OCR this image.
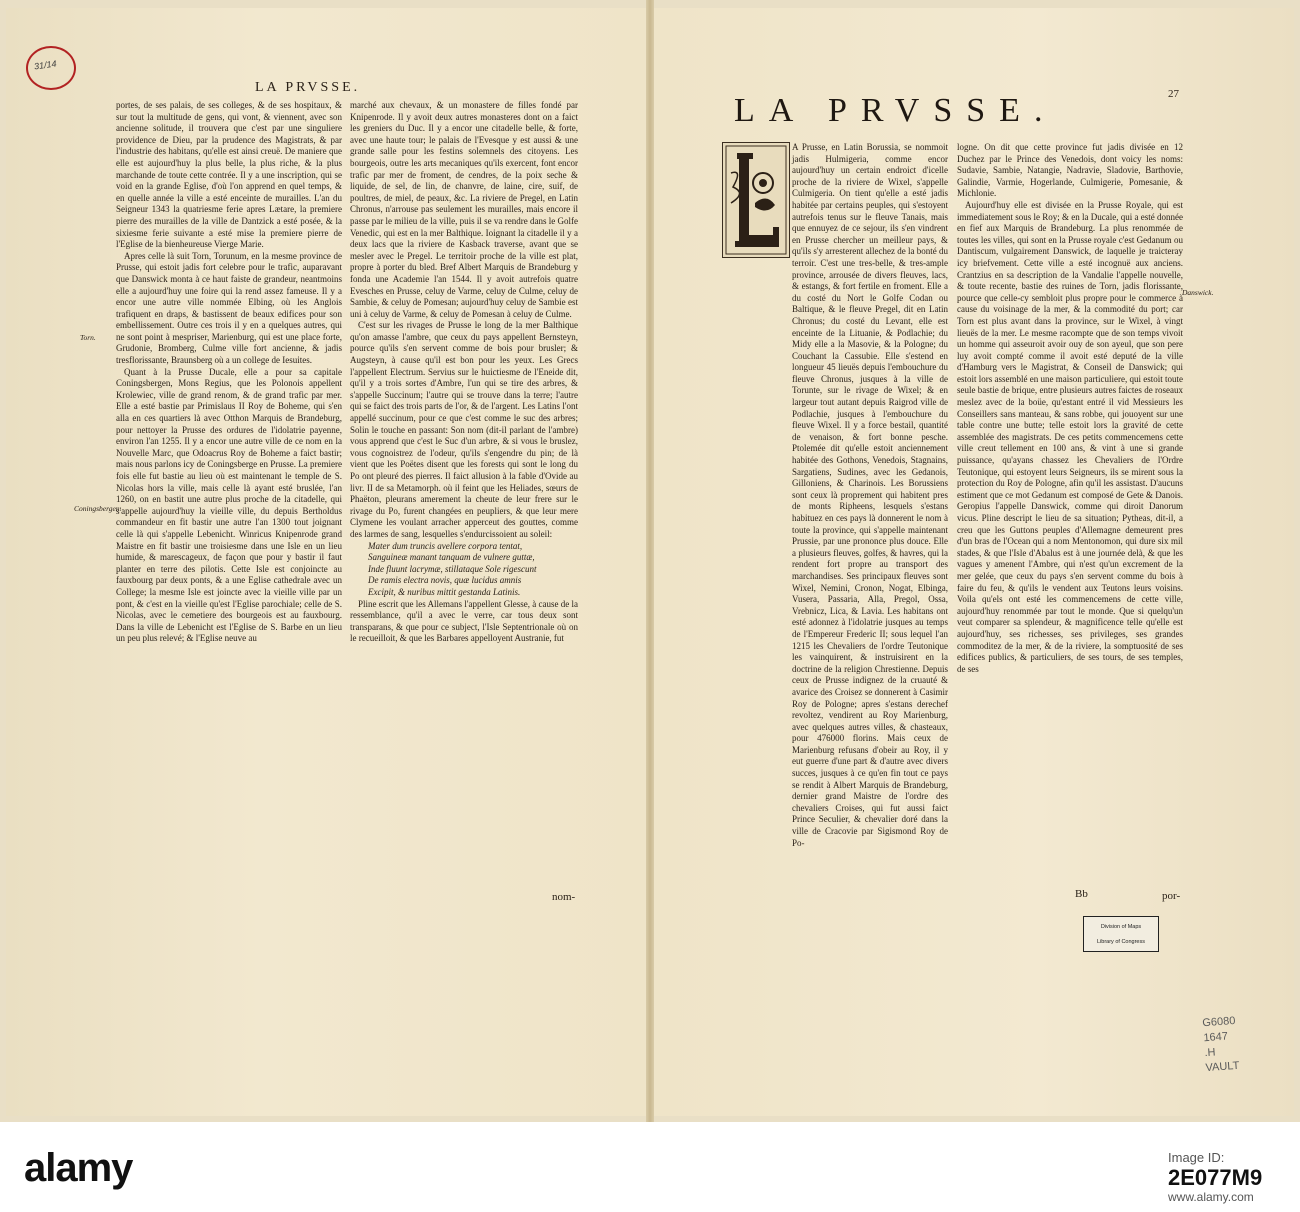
LA PRVSSE.
Torn.
Coningsbergen.

portes, de ses palais, de ses colleges, & de ses hospitaux, & sur tout la multitude de gens, qui vont, & viennent, avec son ancienne solitude, il trouvera que c'est par une singuliere providence de Dieu, par la prudence des Magistrats, & par l'industrie des habitans, qu'elle est ainsi creuë. De maniere que elle est aujourd'huy la plus belle, la plus riche, & la plus marchande de toute cette contrée. Il y a une inscription, qui se void en la grande Eglise, d'où l'on apprend en quel temps, & en quelle année la ville a esté enceinte de murailles. L'an du Seigneur 1343 la quatriesme ferie apres Lætare, la premiere pierre des murailles de la ville de Dantzick a esté posée, & la sixiesme ferie suivante a esté mise la premiere pierre de l'Eglise de la bienheureuse Vierge Marie.

Apres celle là suit Torn, Torunum, en la mesme province de Prusse, qui estoit jadis fort celebre pour le trafic, auparavant que Danswick monta à ce haut faiste de grandeur, neantmoins elle a aujourd'huy une foire qui la rend assez fameuse. Il y a encor une autre ville nommée Elbing, où les Anglois trafiquent en draps, & bastissent de beaux edifices pour son embellissement. Outre ces trois il y en a quelques autres, qui ne sont point à mespriser, Marienburg, qui est une place forte, Grudonie, Bromberg, Culme ville fort ancienne, & jadis tresflorissante, Braunsberg où a un college de Iesuites.

Quant à la Prusse Ducale, elle a pour sa capitale Coningsbergen, Mons Regius, que les Polonois appellent Krolewiec, ville de grand renom, & de grand trafic par mer. Elle a esté bastie par Primislaus II Roy de Boheme, qui s'en alla en ces quartiers là avec Otthon Marquis de Brandeburg, pour nettoyer la Prusse des ordures de l'idolatrie payenne, environ l'an 1255. Il y a encor une autre ville de ce nom en la Nouvelle Marc, que Odoacrus Roy de Boheme a faict bastir; mais nous parlons icy de Coningsberge en Prusse. La premiere fois elle fut bastie au lieu où est maintenant le temple de S. Nicolas hors la ville, mais celle là ayant esté bruslée, l'an 1260, on en bastit une autre plus proche de la citadelle, qui s'appelle aujourd'huy la vieille ville, du depuis Bertholdus commandeur en fit bastir une autre l'an 1300 tout joignant celle là qui s'appelle Lebenicht. Winricus Knipenrode grand Maistre en fit bastir une troisiesme dans une Isle en un lieu humide, & marescageux, de façon que pour y bastir il faut planter en terre des pilotis. Cette Isle est conjoincte au fauxbourg par deux ponts, & a une Eglise cathedrale avec un College; la mesme Isle est joincte avec la vieille ville par un pont, & c'est en la vieille qu'est l'Eglise parochiale; celle de S. Nicolas, avec le cemetiere des bourgeois est au fauxbourg. Dans la ville de Lebenicht est l'Eglise de S. Barbe en un lieu un peu plus relevé; & l'Eglise neuve au

marché aux chevaux, & un monastere de filles fondé par Knipenrode. Il y avoit deux autres monasteres dont on a faict les greniers du Duc. Il y a encor une citadelle belle, & forte, avec une haute tour; le palais de l'Evesque y est aussi & une grande salle pour les festins solemnels des citoyens. Les bourgeois, outre les arts mecaniques qu'ils exercent, font encor trafic par mer de froment, de cendres, de la poix seche & liquide, de sel, de lin, de chanvre, de laine, cire, suif, de poultres, de miel, de peaux, &c. La riviere de Pregel, en Latin Chronus, n'arrouse pas seulement les murailles, mais encore il passe par le milieu de la ville, puis il se va rendre dans le Golfe Venedic, qui est en la mer Balthique. Ioignant la citadelle il y a deux lacs que la riviere de Kasback traverse, avant que se mesler avec le Pregel. Le territoir proche de la ville est plat, propre à porter du bled. Bref Albert Marquis de Brandeburg y fonda une Academie l'an 1544. Il y avoit autrefois quatre Evesches en Prusse, celuy de Varme, celuy de Culme, celuy de Sambie, & celuy de Pomesan; aujourd'huy celuy de Sambie est uni à celuy de Varme, & celuy de Pomesan à celuy de Culme.

C'est sur les rivages de Prusse le long de la mer Balthique qu'on amasse l'ambre, que ceux du pays appellent Bernsteyn, pource qu'ils s'en servent comme de bois pour brusler; & Augsteyn, à cause qu'il est bon pour les yeux. Les Grecs l'appellent Electrum. Servius sur le huictiesme de l'Eneide dit, qu'il y a trois sortes d'Ambre, l'un qui se tire des arbres, & s'appelle Succinum; l'autre qui se trouve dans la terre; l'autre qui se faict des trois parts de l'or, & de l'argent. Les Latins l'ont appellé succinum, pour ce que c'est comme le suc des arbres; Solin le touche en passant: Son nom (dit-il parlant de l'ambre) vous apprend que c'est le Suc d'un arbre, & si vous le bruslez, vous cognoistrez de l'odeur, qu'ils s'engendre du pin; de là vient que les Poëtes disent que les forests qui sont le long du Po ont pleuré des pierres. Il faict allusion à la fable d'Ovide au livr. II de sa Metamorph. où il feint que les Heliades, sœurs de Phaëton, pleurans amerement la cheute de leur frere sur le rivage du Po, furent changées en peupliers, & que leur mere Clymene les voulant arracher apperceut des gouttes, comme des larmes de sang, lesquelles s'endurcissoient au soleil:

Mater dum truncis avellere corpora tentat,

Sanguineæ manant tanquam de vulnere guttæ,

Inde fluunt lacrymæ, stillataque Sole rigescunt

De ramis electra novis, quæ lucidus amnis

Excipit, & nuribus mittit gestanda Latinis.

Pline escrit que les Allemans l'appellent Glesse, à cause de la ressemblance, qu'il a avec le verre, car tous deux sont transparans, & que pour ce subject, l'Isle Septentrionale où on le recueilloit, & que les Barbares appelloyent Austranie, fut

nom-
LA PRVSSE.	27
Danswick.

A Prusse, en Latin Borussia, se nommoit jadis Hulmigeria, comme encor aujourd'huy un certain endroict d'icelle proche de la riviere de Wixel, s'appelle Culmigeria. On tient qu'elle a esté jadis habitée par certains peuples, qui s'estoyent autrefois tenus sur le fleuve Tanais, mais que ennuyez de ce sejour, ils s'en vindrent en Prusse chercher un meilleur pays, & qu'ils s'y arresterent allechez de la bonté du terroir. C'est une tres-belle, & tres-ample province, arrousée de divers fleuves, lacs, & estangs, & fort fertile en froment. Elle a du costé du Nort le Golfe Codan ou Baltique, & le fleuve Pregel, dit en Latin Chronus; du costé du Levant, elle est enceinte de la Lituanie, & Podlachie; du Midy elle a la Masovie, & la Pologne; du Couchant la Cassubie. Elle s'estend en longueur 45 lieuës depuis l'embouchure du fleuve Chronus, jusques à la ville de Torunte, sur le rivage de Wixel; & en largeur tout autant depuis Raigrod ville de Podlachie, jusques à l'embouchure du fleuve Wixel. Il y a force bestail, quantité de venaison, & fort bonne pesche. Ptolemée dit qu'elle estoit anciennement habitée des Gothons, Venedois, Stagnains, Sargatiens, Sudines, avec les Gedanois, Gilloniens, & Charinois. Les Borussiens sont ceux là proprement qui habitent pres de monts Ripheens, lesquels s'estans habituez en ces pays là donnerent le nom à toute la province, qui s'appelle maintenant Prussie, par une prononce plus douce. Elle a plusieurs fleuves, golfes, & havres, qui la rendent fort propre au transport des marchandises. Ses principaux fleuves sont Wixel, Nemini, Cronon, Nogat, Elbinga, Vusera, Passaria, Alla, Pregol, Ossa, Vrebnicz, Lica, & Lavia. Les habitans ont esté adonnez à l'idolatrie jusques au temps de l'Empereur Frederic II; sous lequel l'an 1215 les Chevaliers de l'ordre Teutonique les vainquirent, & instruisirent en la doctrine de la religion Chrestienne. Depuis ceux de Prusse indignez de la cruauté & avarice des Croisez se donnerent à Casimir Roy de Pologne; apres s'estans derechef revoltez, vendirent au Roy Marienburg, avec quelques autres villes, & chasteaux, pour 476000 florins. Mais ceux de Marienburg refusans d'obeir au Roy, il y eut guerre d'une part & d'autre avec divers succes, jusques à ce qu'en fin tout ce pays se rendit à Albert Marquis de Brandeburg, dernier grand Maistre de l'ordre des chevaliers Croises, qui fut aussi faict Prince Seculier, & chevalier doré dans la ville de Cracovie par Sigismond Roy de Po-

logne. On dit que cette province fut jadis divisée en 12 Duchez par le Prince des Venedois, dont voicy les noms: Sudavie, Sambie, Natangie, Nadravie, Sladovie, Barthovie, Galindie, Varmie, Hogerlande, Culmigerie, Pomesanie, & Michlonie.

Aujourd'huy elle est divisée en la Prusse Royale, qui est immediatement sous le Roy; & en la Ducale, qui a esté donnée en fief aux Marquis de Brandeburg. La plus renommée de toutes les villes, qui sont en la Prusse royale c'est Gedanum ou Dantiscum, vulgairement Danswick, de laquelle je traicteray icy briefvement. Cette ville a esté incognuë aux anciens. Crantzius en sa description de la Vandalie l'appelle nouvelle, & toute recente, bastie des ruines de Torn, jadis florissante, pource que celle-cy sembloit plus propre pour le commerce à cause du voisinage de la mer, & la commodité du port; car Torn est plus avant dans la province, sur le Wixel, à vingt lieuës de la mer. Le mesme racompte que de son temps vivoit un homme qui asseuroit avoir ouy de son ayeul, que son pere luy avoit compté comme il avoit esté deputé de la ville d'Hamburg vers le Magistrat, & Conseil de Danswick; qui estoit lors assemblé en une maison particuliere, qui estoit toute seule bastie de brique, entre plusieurs autres faictes de roseaux meslez avec de la boüe, qu'estant entré il vid Messieurs les Conseillers sans manteau, & sans robbe, qui jouoyent sur une table contre une butte; telle estoit lors la gravité de cette assemblée des magistrats. De ces petits commencemens cette ville creut tellement en 100 ans, & vint à une si grande puissance, qu'ayans chassez les Chevaliers de l'Ordre Teutonique, qui estoyent leurs Seigneurs, ils se mirent sous la protection du Roy de Pologne, afin qu'il les assistast. D'aucuns estiment que ce mot Gedanum est composé de Gete & Danois. Geropius l'appelle Danswick, comme qui diroit Danorum vicus. Pline descript le lieu de sa situation; Pytheas, dit-il, a creu que les Guttons peuples d'Allemagne demeurent pres d'un bras de l'Ocean qui a nom Mentonomon, qui dure six mil stades, & que l'Isle d'Abalus est à une journée delà, & que les vagues y amenent l'Ambre, qui n'est qu'un excrement de la mer gelée, que ceux du pays s'en servent comme du bois à faire du feu, & qu'ils le vendent aux Teutons leurs voisins. Voila qu'els ont esté les commencemens de cette ville, aujourd'huy renommée par tout le monde. Que si quelqu'un veut comparer sa splendeur, & magnificence telle qu'elle est aujourd'huy, ses richesses, ses privileges, ses grandes commoditez de la mer, & de la riviere, la somptuosité de ses edifices publics, & particuliers, de ses tours, de ses temples, de ses

Bb	por-
31/14
Division of Maps
Library of Congress
G6080
1647
.H
VAULT
alamy	Image ID:
2E077M9
www.alamy.com
